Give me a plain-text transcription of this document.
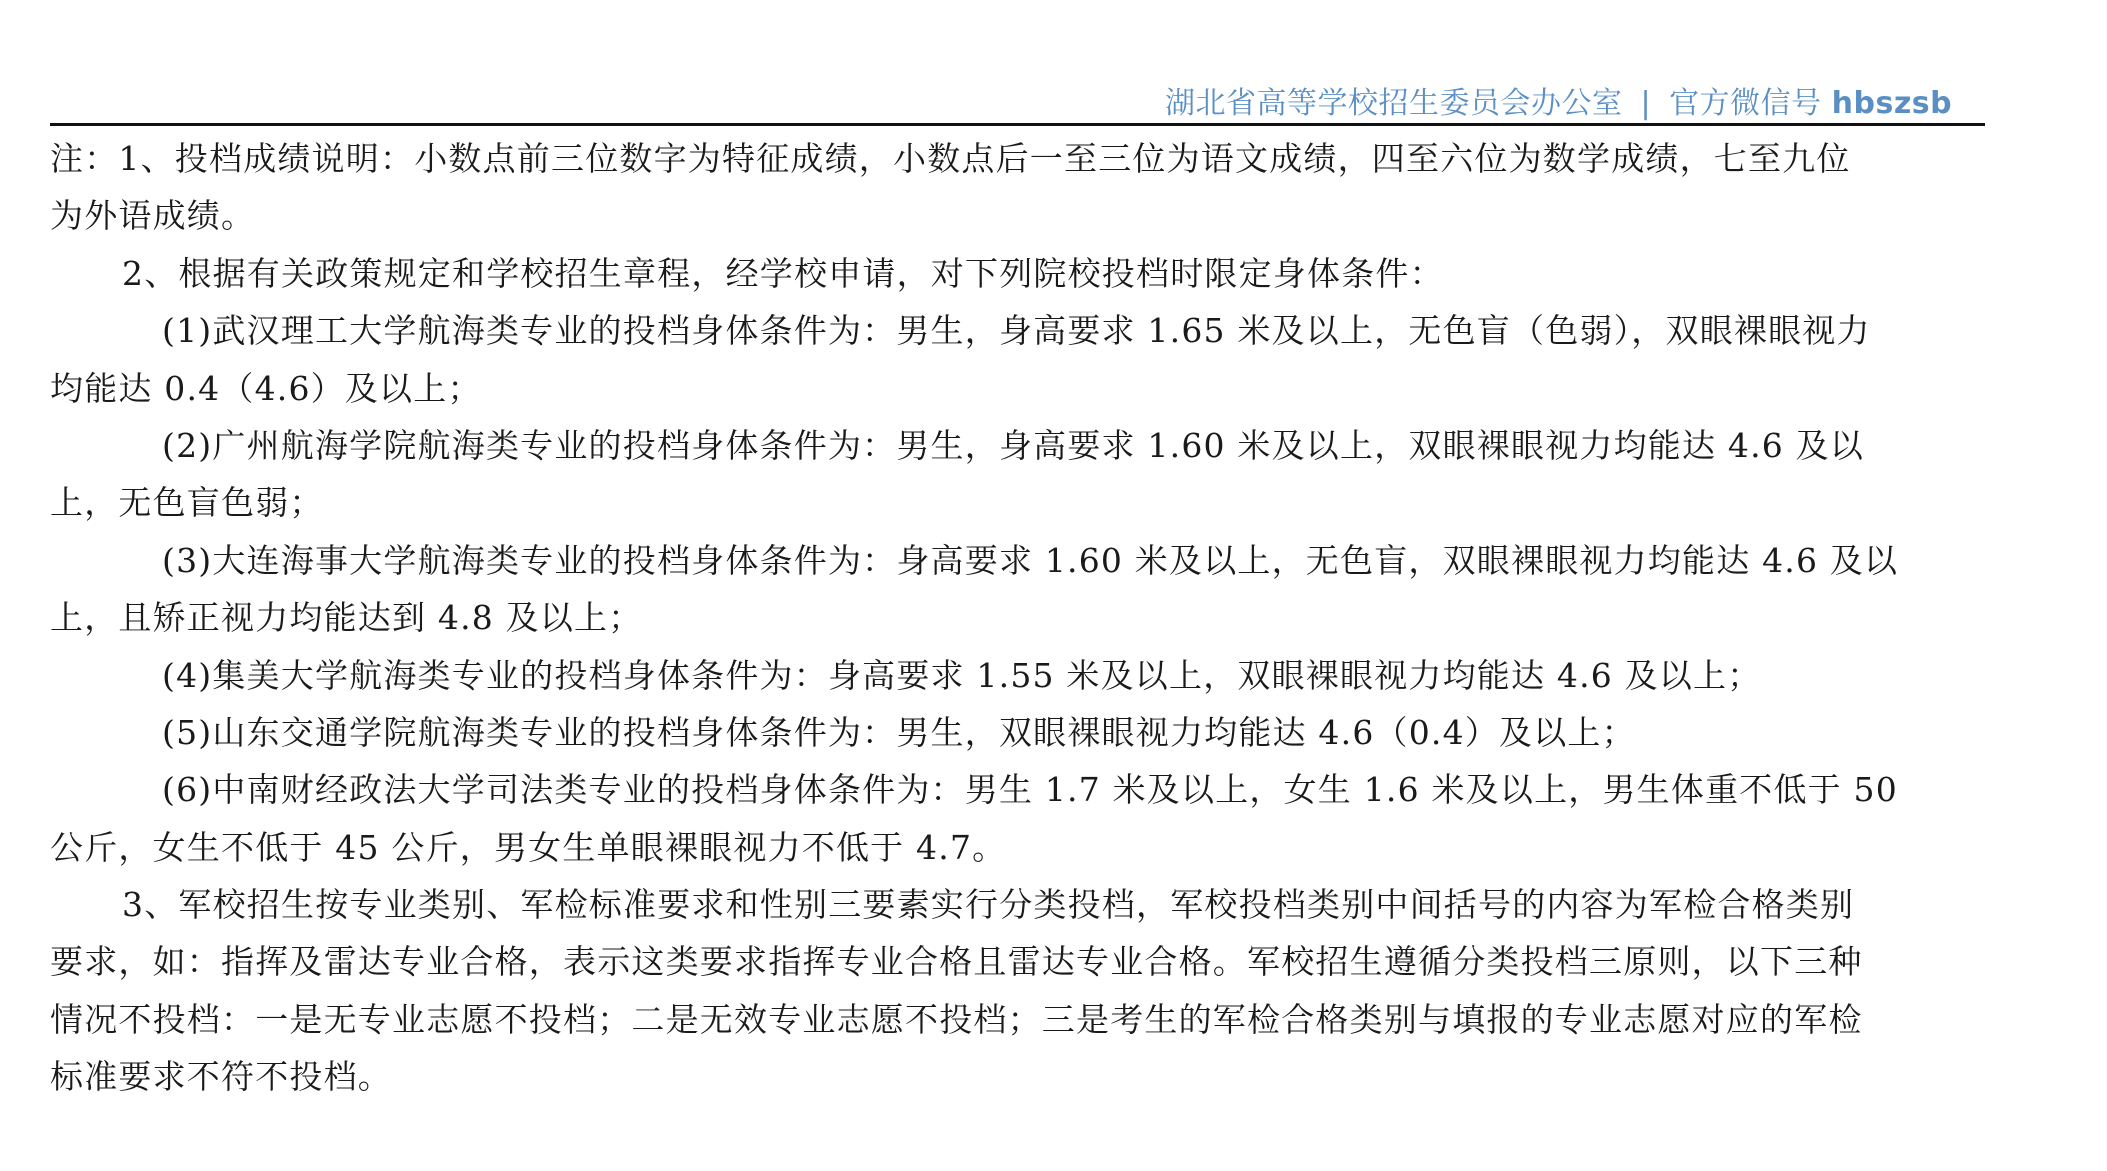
湖北省高等学校招生委员会办公室 | 官方微信号 hbszsb
注：1、投档成绩说明：小数点前三位数字为特征成绩，小数点后一至三位为语文成绩，四至六位为数学成绩，七至九位
为外语成绩。
2、根据有关政策规定和学校招生章程，经学校申请，对下列院校投档时限定身体条件：
(1)武汉理工大学航海类专业的投档身体条件为：男生，身高要求 1.65 米及以上，无色盲（色弱），双眼裸眼视力
均能达 0.4（4.6）及以上；
(2)广州航海学院航海类专业的投档身体条件为：男生，身高要求 1.60 米及以上，双眼裸眼视力均能达 4.6 及以
上，无色盲色弱；
(3)大连海事大学航海类专业的投档身体条件为：身高要求 1.60 米及以上，无色盲，双眼裸眼视力均能达 4.6 及以
上，且矫正视力均能达到 4.8 及以上；
(4)集美大学航海类专业的投档身体条件为：身高要求 1.55 米及以上，双眼裸眼视力均能达 4.6 及以上；
(5)山东交通学院航海类专业的投档身体条件为：男生，双眼裸眼视力均能达 4.6（0.4）及以上；
(6)中南财经政法大学司法类专业的投档身体条件为：男生 1.7 米及以上，女生 1.6 米及以上，男生体重不低于 50
公斤，女生不低于 45 公斤，男女生单眼裸眼视力不低于 4.7。
3、军校招生按专业类别、军检标准要求和性别三要素实行分类投档，军校投档类别中间括号的内容为军检合格类别
要求，如：指挥及雷达专业合格，表示这类要求指挥专业合格且雷达专业合格。军校招生遵循分类投档三原则，以下三种
情况不投档：一是无专业志愿不投档；二是无效专业志愿不投档；三是考生的军检合格类别与填报的专业志愿对应的军检
标准要求不符不投档。
